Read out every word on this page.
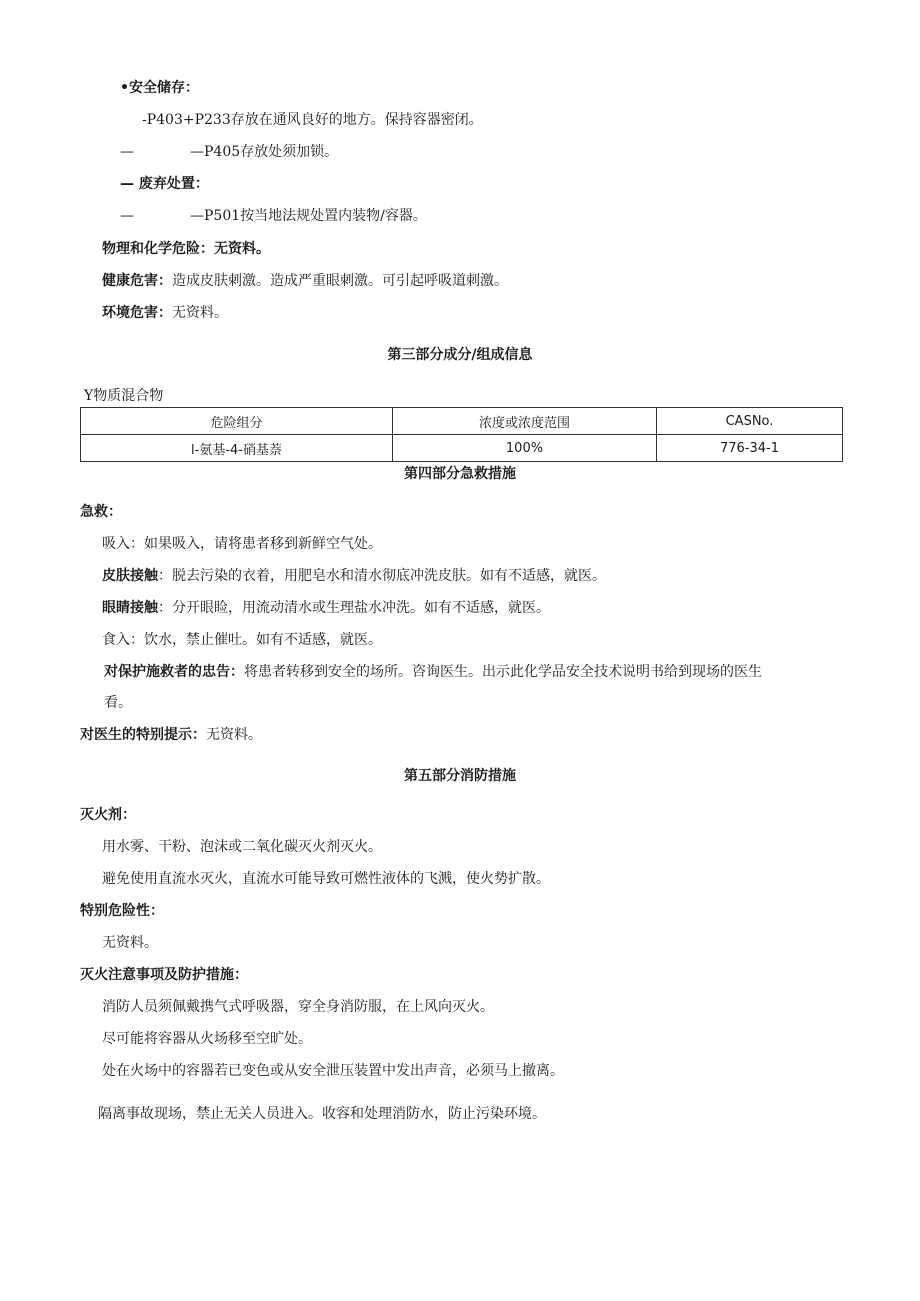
•安全储存：
-P403+P233存放在通风良好的地方。保持容器密闭。
—	—P405存放处须加锁。
— 废弃处置：
—	—P501按当地法规处置内装物/容器。
物理和化学危险：无资料。
健康危害：造成皮肤刺激。造成严重眼刺激。可引起呼吸道刺激。
环境危害：无资料。
第三部分成分/组成信息
Y物质混合物
危险组分	浓度或浓度范围	CASNo.
l-氨基-4-硝基萘	100%	776-34-1
第四部分急救措施
急救：
吸入：如果吸入，请将患者移到新鲜空气处。
皮肤接触：脱去污染的衣着，用肥皂水和清水彻底冲洗皮肤。如有不适感，就医。
眼睛接触：分开眼睑，用流动清水或生理盐水冲洗。如有不适感，就医。
食入：饮水，禁止催吐。如有不适感，就医。
对保护施救者的忠告：将患者转移到安全的场所。咨询医生。出示此化学品安全技术说明书给到现场的医生
看。
对医生的特别提示：无资料。
第五部分消防措施
灭火剂：
用水雾、干粉、泡沫或二氧化碳灭火剂灭火。
避免使用直流水灭火，直流水可能导致可燃性液体的飞溅，使火势扩散。
特别危险性：
无资料。
灭火注意事项及防护措施：
消防人员须佩戴携气式呼吸器，穿全身消防服，在上风向灭火。
尽可能将容器从火场移至空旷处。
处在火场中的容器若已变色或从安全泄压装置中发出声音，必须马上撤离。
隔离事故现场，禁止无关人员进入。收容和处理消防水，防止污染环境。
